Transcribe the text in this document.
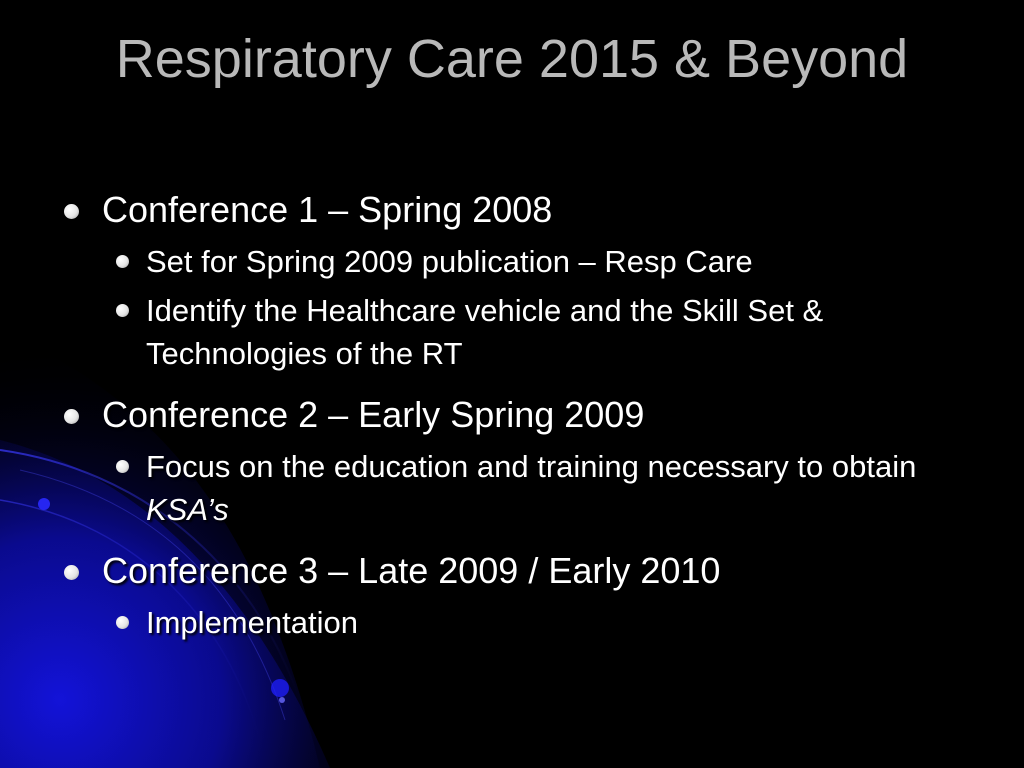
Respiratory Care 2015 & Beyond

Conference 1 – Spring 2008

Set for Spring 2009 publication – Resp Care

Identify the Healthcare vehicle and the Skill Set & Technologies of the RT

Conference 2 – Early Spring 2009

Focus on the education and training necessary to obtain KSA’s

Conference 3 – Late 2009 / Early 2010

Implementation
